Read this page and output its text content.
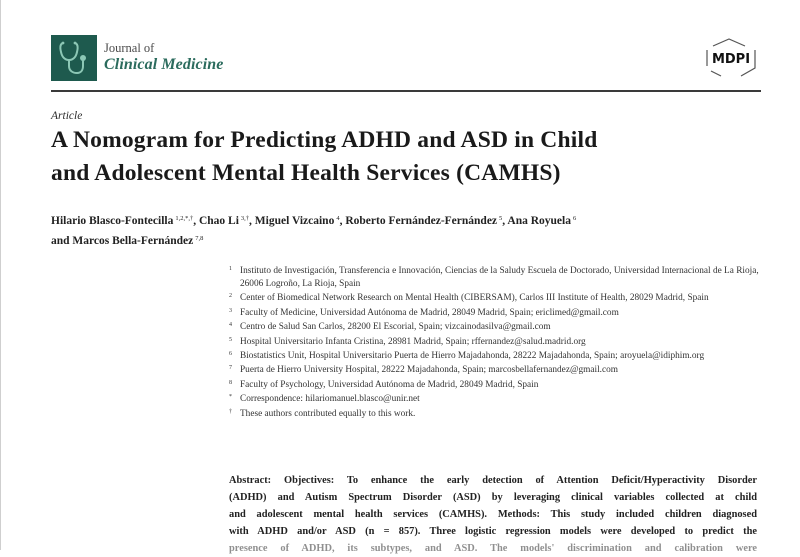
Journal of
Clinical Medicine	MDPI
Article
A Nomogram for Predicting ADHD and ASD in Child
and Adolescent Mental Health Services (CAMHS)
Hilario Blasco-Fontecilla $^{1,2,*,\dagger}$, Chao Li $^{3,\dagger}$, Miguel Vizcaino $^4$, Roberto Fernández-Fernández $^5$, Ana Royuela $^6$
and Marcos Bella-Fernández $^{7,8}$
1 Instituto de Investigación, Transferencia e Innovación, Ciencias de la Saludy Escuela de Doctorado, Universidad Internacional de La Rioja, 26006 Logroño, La Rioja, Spain
2 Center of Biomedical Network Research on Mental Health (CIBERSAM), Carlos III Institute of Health, 28029 Madrid, Spain
3 Faculty of Medicine, Universidad Autónoma de Madrid, 28049 Madrid, Spain; ericlimed@gmail.com
4 Centro de Salud San Carlos, 28200 El Escorial, Spain; vizcainodasilva@gmail.com
5 Hospital Universitario Infanta Cristina, 28981 Madrid, Spain; rffernandez@salud.madrid.org
6 Biostatistics Unit, Hospital Universitario Puerta de Hierro Majadahonda, 28222 Majadahonda, Spain; aroyuela@idiphim.org
7 Puerta de Hierro University Hospital, 28222 Majadahonda, Spain; marcosbellafernandez@gmail.com
8 Faculty of Psychology, Universidad Autónoma de Madrid, 28049 Madrid, Spain
* Correspondence: hilariomanuel.blasco@unir.net
† These authors contributed equally to this work.
Abstract: Objectives: To enhance the early detection of Attention Deficit/Hyperactivity Disorder
(ADHD) and Autism Spectrum Disorder (ASD) by leveraging clinical variables collected at child
and adolescent mental health services (CAMHS). Methods: This study included children diagnosed
with ADHD and/or ASD (n = 857). Three logistic regression models were developed to predict the
presence of ADHD, its subtypes, and ASD. The models' discrimination and calibration were
